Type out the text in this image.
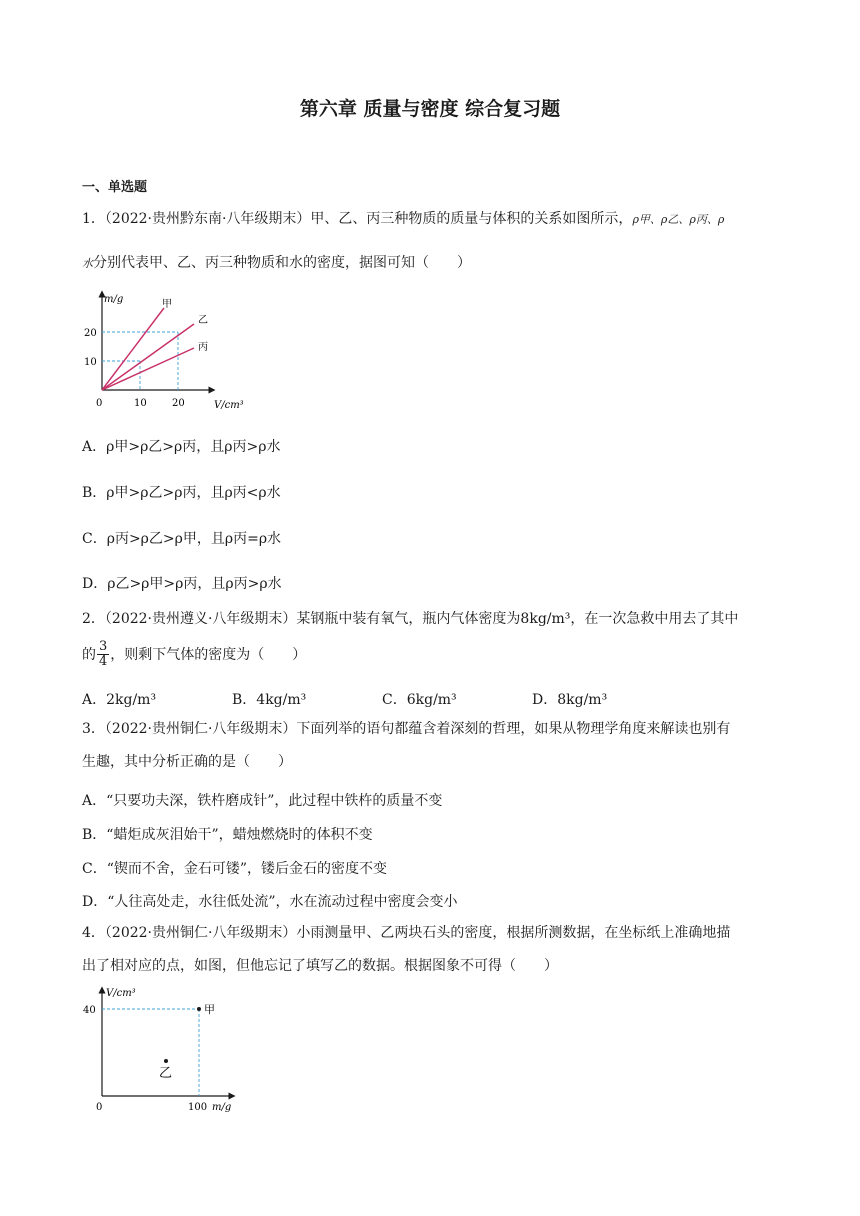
第六章 质量与密度 综合复习题
一、单选题
1．（2022·贵州黔东南·八年级期末）甲、乙、丙三种物质的质量与体积的关系如图所示，ρ甲、ρ乙、ρ丙、ρ
水分别代表甲、乙、丙三种物质和水的密度，据图可知（　　）
m/g
V/cm³
0	10	20
10
20
甲
乙
丙
A．ρ甲>ρ乙>ρ丙，且ρ丙>ρ水
B．ρ甲>ρ乙>ρ丙，且ρ丙<ρ水
C．ρ丙>ρ乙>ρ甲，且ρ丙=ρ水
D．ρ乙>ρ甲>ρ丙，且ρ丙>ρ水
2．（2022·贵州遵义·八年级期末）某钢瓶中装有氧气，瓶内气体密度为8kg/m³，在一次急救中用去了其中
的 $\frac{3}{4}$ ，则剩下气体的密度为（　　）
A．2kg/m³	B．4kg/m³	C．6kg/m³	D．8kg/m³
3．（2022·贵州铜仁·八年级期末）下面列举的语句都蕴含着深刻的哲理，如果从物理学角度来解读也别有
生趣，其中分析正确的是（　　）
A．“只要功夫深，铁杵磨成针”，此过程中铁杵的质量不变
B．“蜡炬成灰泪始干”，蜡烛燃烧时的体积不变
C．“锲而不舍，金石可镂”，镂后金石的密度不变
D．“人往高处走，水往低处流”，水在流动过程中密度会变小
4．（2022·贵州铜仁·八年级期末）小雨测量甲、乙两块石头的密度，根据所测数据，在坐标纸上准确地描
出了相对应的点，如图，但他忘记了填写乙的数据。根据图象不可得（　　）
V/cm³
m/g
0	100
40	甲
乙
